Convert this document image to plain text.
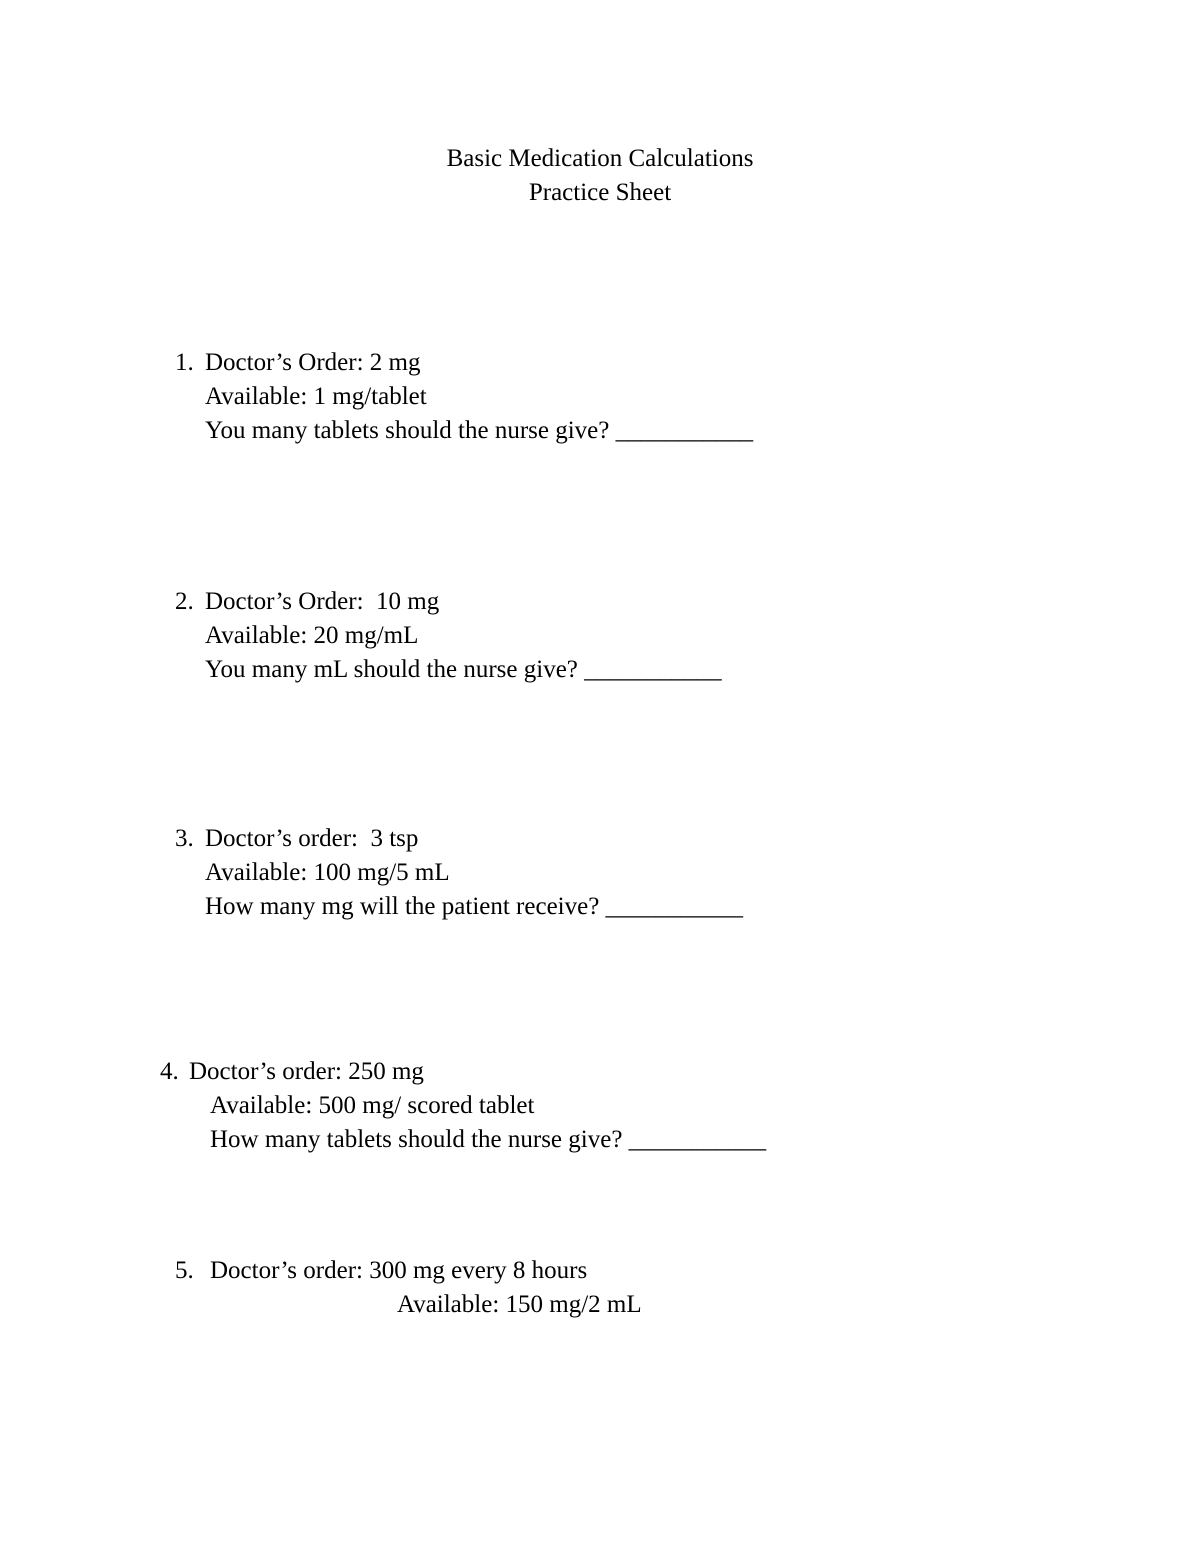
Basic Medication Calculations
Practice Sheet
1. Doctor’s Order: 2 mg
Available: 1 mg/tablet
You many tablets should the nurse give? ___________
2. Doctor’s Order:  10 mg
Available: 20 mg/mL
You many mL should the nurse give? ___________
3. Doctor’s order:  3 tsp
Available: 100 mg/5 mL
How many mg will the patient receive? ___________
4. Doctor’s order: 250 mg
Available: 500 mg/ scored tablet
How many tablets should the nurse give? ___________
5. Doctor’s order: 300 mg every 8 hours
Available: 150 mg/2 mL
